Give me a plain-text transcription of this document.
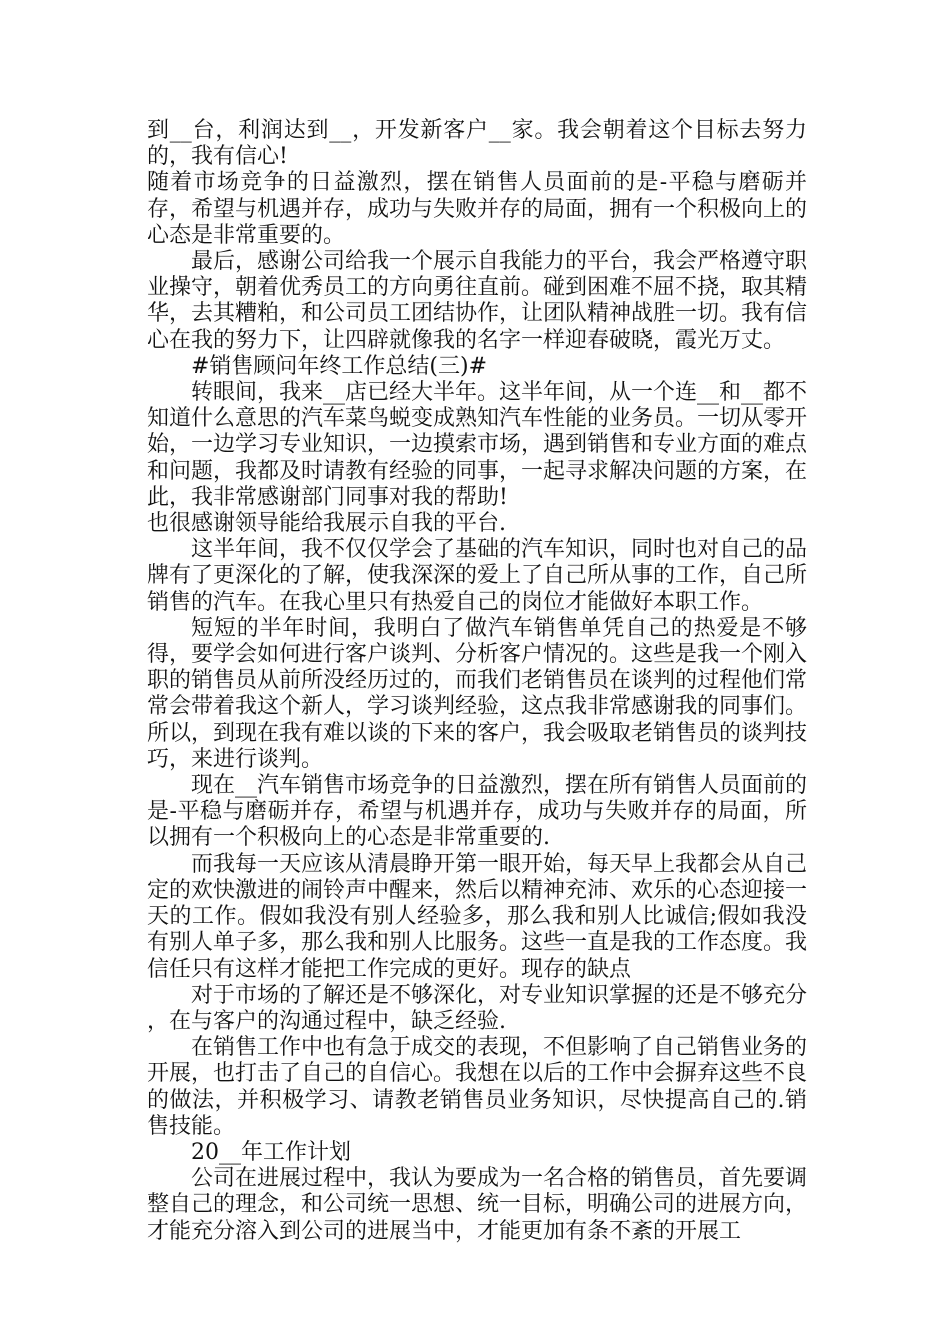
到__台，利润达到__，开发新客户__家。我会朝着这个目标去努力的，我有信心!

随着市场竞争的日益激烈，摆在销售人员面前的是-平稳与磨砺并存，希望与机遇并存，成功与失败并存的局面，拥有一个积极向上的心态是非常重要的。

最后，感谢公司给我一个展示自我能力的平台，我会严格遵守职业操守，朝着优秀员工的方向勇往直前。碰到困难不屈不挠，取其精华，去其糟粕，和公司员工团结协作，让团队精神战胜一切。我有信心在我的努力下，让四辟就像我的名字一样迎春破晓，霞光万丈。

#销售顾问年终工作总结(三)#

转眼间，我来__店已经大半年。这半年间，从一个连__和__都不知道什么意思的汽车菜鸟蜕变成熟知汽车性能的业务员。一切从零开始，一边学习专业知识，一边摸索市场，遇到销售和专业方面的难点和问题，我都及时请教有经验的同事，一起寻求解决问题的方案，在此，我非常感谢部门同事对我的帮助!

也很感谢领导能给我展示自我的平台.

这半年间，我不仅仅学会了基础的汽车知识，同时也对自己的品牌有了更深化的了解，使我深深的爱上了自己所从事的工作，自己所销售的汽车。在我心里只有热爱自己的岗位才能做好本职工作。

短短的半年时间，我明白了做汽车销售单凭自己的热爱是不够得，要学会如何进行客户谈判、分析客户情况的。这些是我一个刚入职的销售员从前所没经历过的，而我们老销售员在谈判的过程他们常常会带着我这个新人，学习谈判经验，这点我非常感谢我的同事们。所以，到现在我有难以谈的下来的客户，我会吸取老销售员的谈判技巧，来进行谈判。

现在__汽车销售市场竞争的日益激烈，摆在所有销售人员面前的是-平稳与磨砺并存，希望与机遇并存，成功与失败并存的局面，所以拥有一个积极向上的心态是非常重要的.

而我每一天应该从清晨睁开第一眼开始，每天早上我都会从自己定的欢快激进的闹铃声中醒来，然后以精神充沛、欢乐的心态迎接一天的工作。假如我没有别人经验多，那么我和别人比诚信;假如我没有别人单子多，那么我和别人比服务。这些一直是我的工作态度。我信任只有这样才能把工作完成的更好。现存的缺点

对于市场的了解还是不够深化，对专业知识掌握的还是不够充分 ，在与客户的沟通过程中，缺乏经验.

在销售工作中也有急于成交的表现，不但影响了自己销售业务的开展，也打击了自己的自信心。我想在以后的工作中会摒弃这些不良的做法，并积极学习、请教老销售员业务知识，尽快提高自己的.销售技能。

20__年工作计划

公司在进展过程中，我认为要成为一名合格的销售员，首先要调整自己的理念，和公司统一思想、统一目标，明确公司的进展方向，才能充分溶入到公司的进展当中，才能更加有条不紊的开展工
